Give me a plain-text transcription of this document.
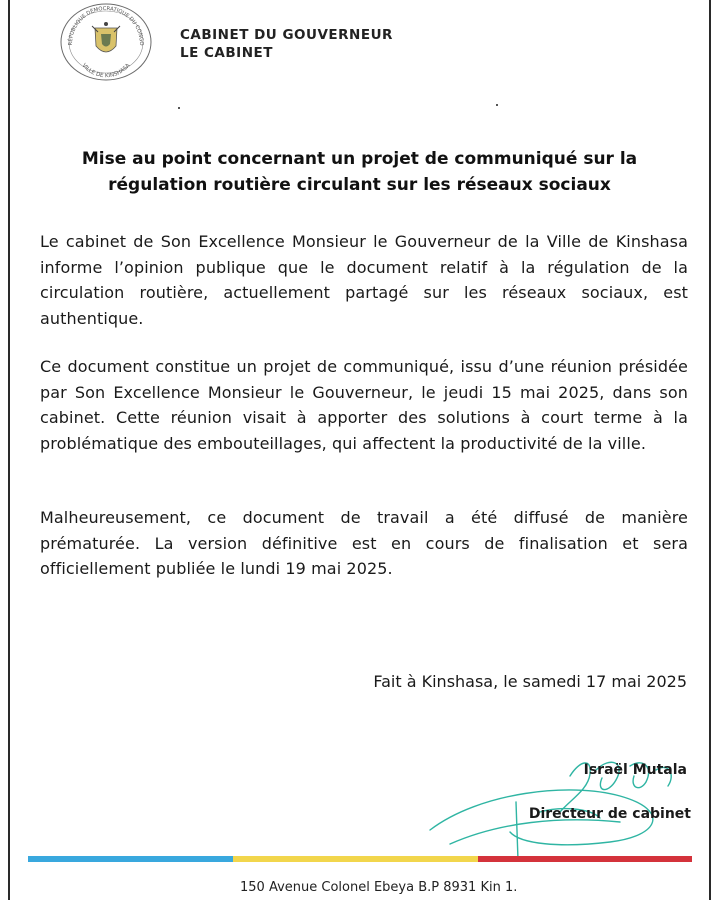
RÉPUBLIQUE DÉMOCRATIQUE DU CONGO
VILLE DE KINSHASA
CABINET DU GOUVERNEUR
LE CABINET
Mise au point concernant un projet de communiqué sur la régulation routière circulant sur les réseaux sociaux
Le cabinet de Son Excellence Monsieur le Gouverneur de la Ville de Kinshasa informe l’opinion publique que le document relatif à la régulation de la circulation routière, actuellement partagé sur les réseaux sociaux, est authentique.
Ce document constitue un projet de communiqué, issu d’une réunion présidée par Son Excellence Monsieur le Gouverneur, le jeudi 15 mai 2025, dans son cabinet. Cette réunion visait à apporter des solutions à court terme à la problématique des embouteillages, qui affectent la productivité de la ville.
Malheureusement, ce document de travail a été diffusé de manière prématurée. La version définitive est en cours de finalisation et sera officiellement publiée le lundi 19 mai 2025.
Fait à Kinshasa, le samedi 17 mai 2025
Israël Mutala
Directeur de cabinet
150 Avenue Colonel Ebeya B.P 8931 Kin 1.
